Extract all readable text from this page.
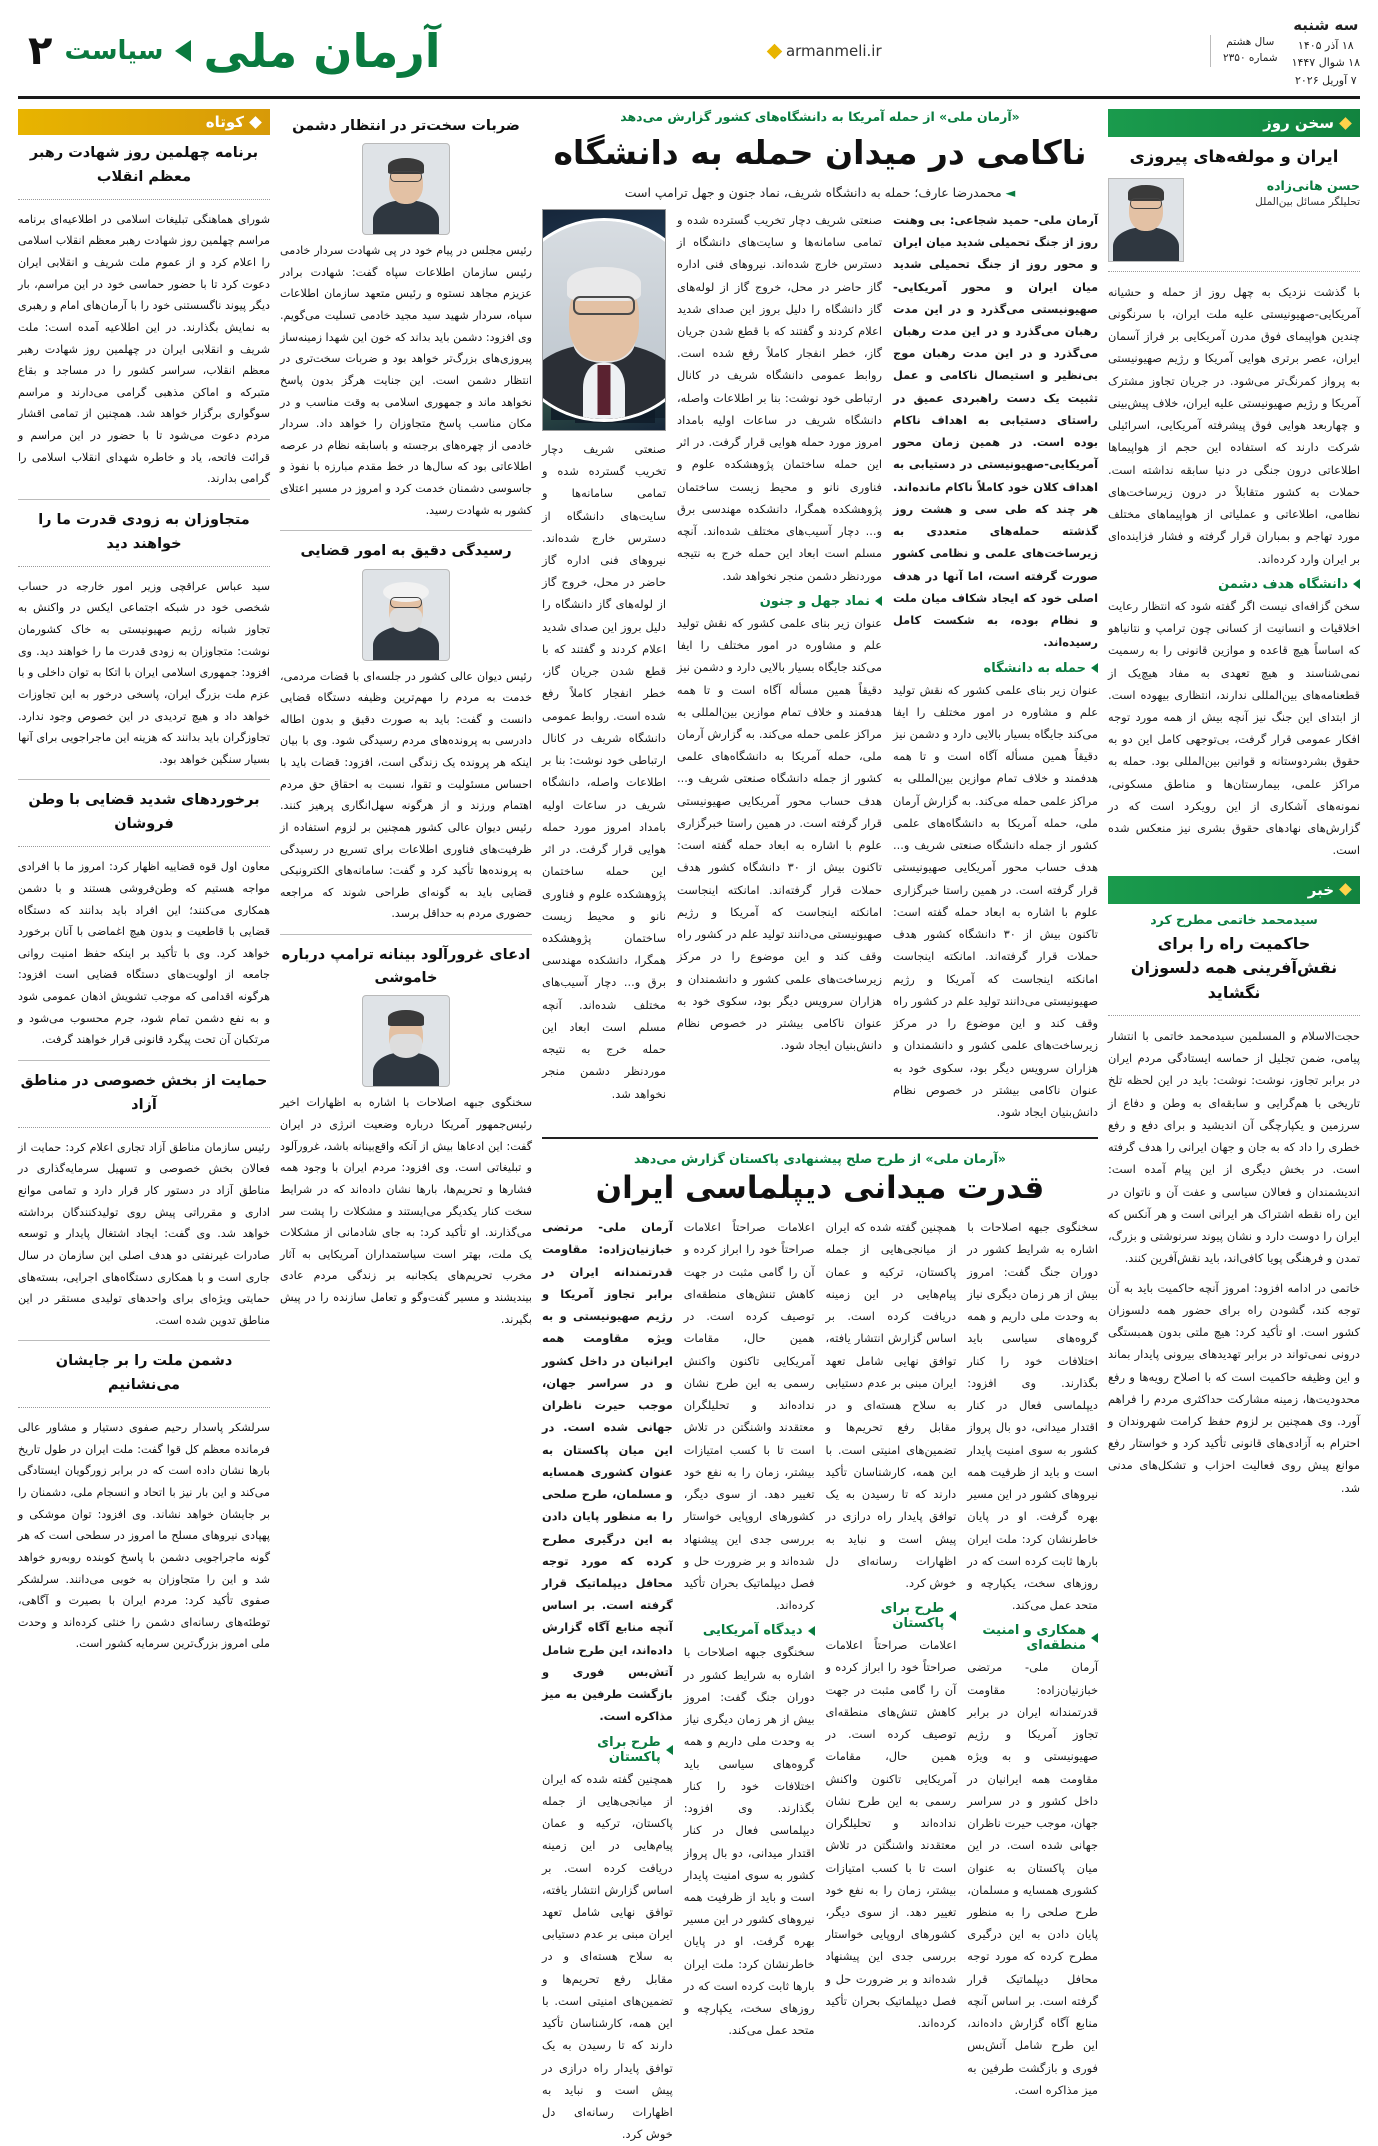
سه شنبه
۱۸ ‌آذر ۱۴۰۵
۱۸ شوال ۱۴۴۷
۷ آوریل ۲۰۲۶
سال هشتم
شماره ۲۳۵۰
armanmeli.ir
آرمان ملی
سیاست
۲
سخن روز
ایران و مولفه‌های پیروزی
حسن هانی‌زاده
تحلیلگر مسائل بین‌الملل
با گذشت نزدیک به چهل روز از حمله و حشیانه آمریکایی-صهیونیستی علیه ملت ایران، با سرنگونی چندین هواپیمای فوق مدرن آمریکایی بر فراز آسمان ایران، عصر برتری هوایی آمریکا و رژیم صهیونیستی به پرواز کمرنگ‌تر می‌شود. در جریان تجاوز مشترک آمریکا و رژیم صهیونیستی علیه ایران، خلاف پیش‌بینی و چهاربعد هوایی فوق پیشرفته آمریکایی، اسرائیلی شرکت دارند که استفاده این حجم از هواپیماها اطلاعاتی درون جنگی در دنیا سابقه نداشته است. حملات به کشور متقابلاً در درون زیرساخت‌های نظامی، اطلاعاتی و عملیاتی از هواپیماهای مختلف مورد تهاجم و بمباران قرار گرفته و فشار فزاینده‌ای بر ایران وارد کرده‌اند.
دانشگاه هدف دشمن
سخن گزافه‌ای نیست اگر گفته شود که انتظار رعایت اخلاقیات و انسانیت از کسانی چون ترامپ و نتانیاهو که اساساً هیچ قاعده و موازین قانونی را به رسمیت نمی‌شناسند و هیچ تعهدی به مفاد هیچ‌یک از قطعنامه‌های بین‌المللی ندارند، انتظاری بیهوده است. از ابتدای این جنگ نیز آنچه بیش از همه مورد توجه افکار عمومی قرار گرفت، بی‌توجهی کامل این دو به حقوق بشردوستانه و قوانین بین‌المللی بود. حمله به مراکز علمی، بیمارستان‌ها و مناطق مسکونی، نمونه‌های آشکاری از این رویکرد است که در گزارش‌های نهادهای حقوق بشری نیز منعکس شده است.
خبر
سیدمحمد خاتمی مطرح کرد
حاکمیت راه را برای نقش‌آفرینی همه دلسوزان نگشاید
حجت‌الاسلام و المسلمین سیدمحمد خاتمی با انتشار پیامی، ضمن تجلیل از حماسه ایستادگی مردم ایران در برابر تجاوز، نوشت: نوشت: باید در این لحظه تلخ تاریخی با هم‌گرایی و سابقه‌ای به وطن و دفاع از سرزمین و یکپارچگی آن اندیشید و برای دفع و رفع خطری را داد که به جان و جهان ایرانی را هدف گرفته است. در بخش دیگری از این پیام آمده است: اندیشمندان و فعالان سیاسی و عفت آن و ناتوان در این راه نقطه اشتراک هر ایرانی است و هر آنکس که ایران را دوست دارد و نشان پیوند سرنوشتی و بزرگ، تمدن و فرهنگی پویا کافی‌اند، باید نقش‌آفرین کنند.
خاتمی در ادامه افزود: امروز آنچه حاکمیت باید به آن توجه کند، گشودن راه برای حضور همه دلسوزان کشور است. او تأکید کرد: هیچ ملتی بدون همبستگی درونی نمی‌تواند در برابر تهدیدهای بیرونی پایدار بماند و این وظیفه حاکمیت است که با اصلاح رویه‌ها و رفع محدودیت‌ها، زمینه مشارکت حداکثری مردم را فراهم آورد. وی همچنین بر لزوم حفظ کرامت شهروندان و احترام به آزادی‌های قانونی تأکید کرد و خواستار رفع موانع پیش روی فعالیت احزاب و تشکل‌های مدنی شد.
«آرمان ملی» از حمله آمریکا به دانشگاه‌های کشور گزارش می‌دهد
ناکامی در میدان حمله به دانشگاه
◄ محمدرضا عارف؛ حمله به دانشگاه شریف، نماد جنون و جهل ترامپ است
آرمان ملی- حمید شجاعی: بی وهنت روز از جنگ تحمیلی شدید میان ایران و محور روز از جنگ تحمیلی شدید میان ایران و محور آمریکایی-صهیونیستی می‌گذرد و در این مدت رهبان می‌گذرد و در این مدت رهبان می‌گذرد و در این مدت رهبان موج بی‌نظیر و استیصال ناکامی و عمل تثبیت یک دست راهبردی عمیق در راستای دستیابی به اهداف ناکام بوده است. در همین زمان محور آمریکایی-صهیونیستی در دستیابی به اهداف کلان خود کاملاً ناکام مانده‌اند. هر چند که طی سی و هشت روز گذشته حمله‌های متعددی به زیرساخت‌های علمی و نظامی کشور صورت گرفته است، اما آنها در هدف اصلی خود که ایجاد شکاف میان ملت و نظام بوده، به شکست کامل رسیده‌اند.
حمله به دانشگاه
عنوان زیر بنای علمی کشور که نقش تولید علم و مشاوره در امور مختلف را ایفا می‌کند جایگاه بسیار بالایی دارد و دشمن نیز دقیقاً همین مسأله آگاه است و تا همه هدفمند و خلاف تمام موازین بین‌المللی به مراکز علمی حمله می‌کند. به گزارش آرمان ملی، حمله آمریکا به دانشگاه‌های علمی کشور از جمله دانشگاه صنعتی شریف و... هدف حساب محور آمریکایی صهیونیستی قرار گرفته است. در همین راستا خبرگزاری علوم با اشاره به ابعاد حمله گفته است: تاکنون بیش از ۳۰ دانشگاه کشور هدف حملات قرار گرفته‌اند. امانکته اینجاست امانکته اینجاست که آمریکا و رژیم صهیونیستی می‌دانند تولید علم در کشور راه وقف کند و این موضوع را در مرکز زیرساخت‌های علمی کشور و دانشمندان و هزاران سرویس دیگر بود، سکوی خود به عنوان ناکامی بیشتر در خصوص نظام دانش‌بنیان ایجاد شود.
صنعتی شریف دچار تخریب گسترده شده و تمامی سامانه‌ها و سایت‌های دانشگاه از دسترس خارج شده‌اند. نیروهای فنی اداره گاز حاضر در محل، خروج گاز از لوله‌های گاز دانشگاه را دلیل بروز این صدای شدید اعلام کردند و گفتند که با قطع شدن جریان گاز، خطر انفجار کاملاً رفع شده است. روابط عمومی دانشگاه شریف در کانال ارتباطی خود نوشت: بنا بر اطلاعات واصله، دانشگاه شریف در ساعات اولیه بامداد امروز مورد حمله هوایی قرار گرفت. در اثر این حمله ساختمان پژوهشکده علوم و فناوری نانو و محیط زیست ساختمان پژوهشکده همگرا، دانشکده مهندسی برق و... دچار آسیب‌های مختلف شده‌اند. آنچه مسلم است ابعاد این حمله خرج به نتیجه موردنظر دشمن منجر نخواهد شد.
نماد جهل و جنون
عنوان زیر بنای علمی کشور که نقش تولید علم و مشاوره در امور مختلف را ایفا می‌کند جایگاه بسیار بالایی دارد و دشمن نیز دقیقاً همین مسأله آگاه است و تا همه هدفمند و خلاف تمام موازین بین‌المللی به مراکز علمی حمله می‌کند. به گزارش آرمان ملی، حمله آمریکا به دانشگاه‌های علمی کشور از جمله دانشگاه صنعتی شریف و... هدف حساب محور آمریکایی صهیونیستی قرار گرفته است. در همین راستا خبرگزاری علوم با اشاره به ابعاد حمله گفته است: تاکنون بیش از ۳۰ دانشگاه کشور هدف حملات قرار گرفته‌اند. امانکته اینجاست امانکته اینجاست که آمریکا و رژیم صهیونیستی می‌دانند تولید علم در کشور راه وقف کند و این موضوع را در مرکز زیرساخت‌های علمی کشور و دانشمندان و هزاران سرویس دیگر بود، سکوی خود به عنوان ناکامی بیشتر در خصوص نظام دانش‌بنیان ایجاد شود.
صنعتی شریف دچار تخریب گسترده شده و تمامی سامانه‌ها و سایت‌های دانشگاه از دسترس خارج شده‌اند. نیروهای فنی اداره گاز حاضر در محل، خروج گاز از لوله‌های گاز دانشگاه را دلیل بروز این صدای شدید اعلام کردند و گفتند که با قطع شدن جریان گاز، خطر انفجار کاملاً رفع شده است. روابط عمومی دانشگاه شریف در کانال ارتباطی خود نوشت: بنا بر اطلاعات واصله، دانشگاه شریف در ساعات اولیه بامداد امروز مورد حمله هوایی قرار گرفت. در اثر این حمله ساختمان پژوهشکده علوم و فناوری نانو و محیط زیست ساختمان پژوهشکده همگرا، دانشکده مهندسی برق و... دچار آسیب‌های مختلف شده‌اند. آنچه مسلم است ابعاد این حمله خرج به نتیجه موردنظر دشمن منجر نخواهد شد.
«آرمان ملی» از طرح صلح پیشنهادی پاکستان گزارش می‌دهد
قدرت میدانی دیپلماسی ایران
سخنگوی جبهه اصلاحات با اشاره به شرایط کشور در دوران جنگ گفت: امروز بیش از هر زمان دیگری نیاز به وحدت ملی داریم و همه گروه‌های سیاسی باید اختلافات خود را کنار بگذارند. وی افزود: دیپلماسی فعال در کنار اقتدار میدانی، دو بال پرواز کشور به سوی امنیت پایدار است و باید از ظرفیت همه نیروهای کشور در این مسیر بهره گرفت. او در پایان خاطرنشان کرد: ملت ایران بارها ثابت کرده است که در روزهای سخت، یکپارچه و متحد عمل می‌کند.
همکاری و امنیت منطقه‌ای
آرمان ملی- مرتضی خبازنیان‌زاده: مقاومت قدرتمندانه ایران در برابر تجاوز آمریکا و رژیم صهیونیستی و به ویژه مقاومت همه ایرانیان در داخل کشور و در سراسر جهان، موجب حیرت ناظران جهانی شده است. در این میان پاکستان به عنوان کشوری همسایه و مسلمان، طرح صلحی را به منظور پایان دادن به این درگیری مطرح کرده که مورد توجه محافل دیپلماتیک قرار گرفته است. بر اساس آنچه منابع آگاه گزارش داده‌اند، این طرح شامل آتش‌بس فوری و بازگشت طرفین به میز مذاکره است.
همچنین گفته شده که ایران از میانجی‌هایی از جمله پاکستان، ترکیه و عمان پیام‌هایی در این زمینه دریافت کرده است. بر اساس گزارش انتشار یافته، توافق نهایی شامل تعهد ایران مبنی بر عدم دستیابی به سلاح هسته‌ای و در مقابل رفع تحریم‌ها و تضمین‌های امنیتی است. با این همه، کارشناسان تأکید دارند که تا رسیدن به یک توافق پایدار راه درازی در پیش است و نباید به اظهارات رسانه‌ای دل خوش کرد.
طرح برای پاکستان
اعلامات صراحتاً اعلامات صراحتاً خود را ابراز کرده و آن را گامی مثبت در جهت کاهش تنش‌های منطقه‌ای توصیف کرده است. در همین حال، مقامات آمریکایی تاکنون واکنش رسمی به این طرح نشان نداده‌اند و تحلیلگران معتقدند واشنگتن در تلاش است تا با کسب امتیازات بیشتر، زمان را به نفع خود تغییر دهد. از سوی دیگر، کشورهای اروپایی خواستار بررسی جدی این پیشنهاد شده‌اند و بر ضرورت حل و فصل دیپلماتیک بحران تأکید کرده‌اند.
اعلامات صراحتاً اعلامات صراحتاً خود را ابراز کرده و آن را گامی مثبت در جهت کاهش تنش‌های منطقه‌ای توصیف کرده است. در همین حال، مقامات آمریکایی تاکنون واکنش رسمی به این طرح نشان نداده‌اند و تحلیلگران معتقدند واشنگتن در تلاش است تا با کسب امتیازات بیشتر، زمان را به نفع خود تغییر دهد. از سوی دیگر، کشورهای اروپایی خواستار بررسی جدی این پیشنهاد شده‌اند و بر ضرورت حل و فصل دیپلماتیک بحران تأکید کرده‌اند.
دیدگاه آمریکایی
سخنگوی جبهه اصلاحات با اشاره به شرایط کشور در دوران جنگ گفت: امروز بیش از هر زمان دیگری نیاز به وحدت ملی داریم و همه گروه‌های سیاسی باید اختلافات خود را کنار بگذارند. وی افزود: دیپلماسی فعال در کنار اقتدار میدانی، دو بال پرواز کشور به سوی امنیت پایدار است و باید از ظرفیت همه نیروهای کشور در این مسیر بهره گرفت. او در پایان خاطرنشان کرد: ملت ایران بارها ثابت کرده است که در روزهای سخت، یکپارچه و متحد عمل می‌کند.
آرمان ملی- مرتضی خبازنیان‌زاده: مقاومت قدرتمندانه ایران در برابر تجاوز آمریکا و رژیم صهیونیستی و به ویژه مقاومت همه ایرانیان در داخل کشور و در سراسر جهان، موجب حیرت ناظران جهانی شده است. در این میان پاکستان به عنوان کشوری همسایه و مسلمان، طرح صلحی را به منظور پایان دادن به این درگیری مطرح کرده که مورد توجه محافل دیپلماتیک قرار گرفته است. بر اساس آنچه منابع آگاه گزارش داده‌اند، این طرح شامل آتش‌بس فوری و بازگشت طرفین به میز مذاکره است.
طرح برای پاکستان
همچنین گفته شده که ایران از میانجی‌هایی از جمله پاکستان، ترکیه و عمان پیام‌هایی در این زمینه دریافت کرده است. بر اساس گزارش انتشار یافته، توافق نهایی شامل تعهد ایران مبنی بر عدم دستیابی به سلاح هسته‌ای و در مقابل رفع تحریم‌ها و تضمین‌های امنیتی است. با این همه، کارشناسان تأکید دارند که تا رسیدن به یک توافق پایدار راه درازی در پیش است و نباید به اظهارات رسانه‌ای دل خوش کرد.
ضربات سخت‌تر در انتظار دشمن
رئیس مجلس در پیام خود در پی شهادت سردار خادمی رئیس سازمان اطلاعات سپاه گفت: شهادت برادر عزیزم مجاهد نستوه و رئیس متعهد سازمان اطلاعات سپاه، سردار شهید سید مجید خادمی تسلیت می‌گویم. وی افزود: دشمن باید بداند که خون این شهدا زمینه‌ساز پیروزی‌های بزرگ‌تر خواهد بود و ضربات سخت‌تری در انتظار دشمن است. این جنایت هرگز بدون پاسخ نخواهد ماند و جمهوری اسلامی به وقت مناسب و در مکان مناسب پاسخ متجاوزان را خواهد داد. سردار خادمی از چهره‌های برجسته و باسابقه نظام در عرصه اطلاعاتی بود که سال‌ها در خط مقدم مبارزه با نفوذ و جاسوسی دشمنان خدمت کرد و امروز در مسیر اعتلای کشور به شهادت رسید.
رسیدگی دقیق به امور قضایی
رئیس دیوان عالی کشور در جلسه‌ای با قضات مردمی، خدمت به مردم را مهم‌ترین وظیفه دستگاه قضایی دانست و گفت: باید به صورت دقیق و بدون اطاله دادرسی به پرونده‌های مردم رسیدگی شود. وی با بیان اینکه هر پرونده یک زندگی است، افزود: قضات باید با احساس مسئولیت و تقوا، نسبت به احقاق حق مردم اهتمام ورزند و از هرگونه سهل‌انگاری پرهیز کنند. رئیس دیوان عالی کشور همچنین بر لزوم استفاده از ظرفیت‌های فناوری اطلاعات برای تسریع در رسیدگی به پرونده‌ها تأکید کرد و گفت: سامانه‌های الکترونیکی قضایی باید به گونه‌ای طراحی شوند که مراجعه حضوری مردم به حداقل برسد.
ادعای غرورآلود بینانه ترامپ درباره خاموشی
سخنگوی جبهه اصلاحات با اشاره به اظهارات اخیر رئیس‌جمهور آمریکا درباره وضعیت انرژی در ایران گفت: این ادعاها بیش از آنکه واقع‌بینانه باشد، غرورآلود و تبلیغاتی است. وی افزود: مردم ایران با وجود همه فشارها و تحریم‌ها، بارها نشان داده‌اند که در شرایط سخت کنار یکدیگر می‌ایستند و مشکلات را پشت سر می‌گذارند. او تأکید کرد: به جای شادمانی از مشکلات یک ملت، بهتر است سیاستمداران آمریکایی به آثار مخرب تحریم‌های یکجانبه بر زندگی مردم عادی بیندیشند و مسیر گفت‌وگو و تعامل سازنده را در پیش بگیرند.
کوتاه
برنامه چهلمین روز شهادت رهبر معظم انقلاب
شورای هماهنگی تبلیغات اسلامی در اطلاعیه‌ای برنامه مراسم چهلمین روز شهادت رهبر معظم انقلاب اسلامی را اعلام کرد و از عموم ملت شریف و انقلابی ایران دعوت کرد تا با حضور حماسی خود در این مراسم، بار دیگر پیوند ناگسستنی خود را با آرمان‌های امام و رهبری به نمایش بگذارند. در این اطلاعیه آمده است: ملت شریف و انقلابی ایران در چهلمین روز شهادت رهبر معظم انقلاب، سراسر کشور را در مساجد و بقاع متبرکه و اماکن مذهبی گرامی می‌دارند و مراسم سوگواری برگزار خواهد شد. همچنین از تمامی اقشار مردم دعوت می‌شود تا با حضور در این مراسم و قرائت فاتحه، یاد و خاطره شهدای انقلاب اسلامی را گرامی بدارند.
متجاوزان به زودی قدرت ما را خواهند دید
سید عباس عراقچی وزیر امور خارجه در حساب شخصی خود در شبکه اجتماعی ایکس در واکنش به تجاوز شبانه رژیم صهیونیستی به خاک کشورمان نوشت: متجاوزان به زودی قدرت ما را خواهند دید. وی افزود: جمهوری اسلامی ایران با اتکا به توان داخلی و با عزم ملت بزرگ ایران، پاسخی درخور به این تجاوزات خواهد داد و هیچ تردیدی در این خصوص وجود ندارد. تجاوزگران باید بدانند که هزینه این ماجراجویی برای آنها بسیار سنگین خواهد بود.
برخوردهای شدید قضایی با وطن فروشان
معاون اول قوه قضاییه اظهار کرد: امروز ما با افرادی مواجه هستیم که وطن‌فروشی هستند و با دشمن همکاری می‌کنند؛ این افراد باید بدانند که دستگاه قضایی با قاطعیت و بدون هیچ اغماضی با آنان برخورد خواهد کرد. وی با تأکید بر اینکه حفظ امنیت روانی جامعه از اولویت‌های دستگاه قضایی است افزود: هرگونه اقدامی که موجب تشویش اذهان عمومی شود و به نفع دشمن تمام شود، جرم محسوب می‌شود و مرتکبان آن تحت پیگرد قانونی قرار خواهند گرفت.
حمایت از بخش خصوصی در مناطق آزاد
رئیس سازمان مناطق آزاد تجاری اعلام کرد: حمایت از فعالان بخش خصوصی و تسهیل سرمایه‌گذاری در مناطق آزاد در دستور کار قرار دارد و تمامی موانع اداری و مقرراتی پیش روی تولیدکنندگان برداشته خواهد شد. وی گفت: ایجاد اشتغال پایدار و توسعه صادرات غیرنفتی دو هدف اصلی این سازمان در سال جاری است و با همکاری دستگاه‌های اجرایی، بسته‌های حمایتی ویژه‌ای برای واحدهای تولیدی مستقر در این مناطق تدوین شده است.
دشمن ملت را بر جایشان می‌نشانیم
سرلشکر پاسدار رحیم صفوی دستیار و مشاور عالی فرمانده معظم کل قوا گفت: ملت ایران در طول تاریخ بارها نشان داده است که در برابر زورگویان ایستادگی می‌کند و این بار نیز با اتحاد و انسجام ملی، دشمنان را بر جایشان خواهد نشاند. وی افزود: توان موشکی و پهپادی نیروهای مسلح ما امروز در سطحی است که هر گونه ماجراجویی دشمن با پاسخ کوبنده روبه‌رو خواهد شد و این را متجاوزان به خوبی می‌دانند. سرلشکر صفوی تأکید کرد: مردم ایران با بصیرت و آگاهی، توطئه‌های رسانه‌ای دشمن را خنثی کرده‌اند و وحدت ملی امروز بزرگ‌ترین سرمایه کشور است.
